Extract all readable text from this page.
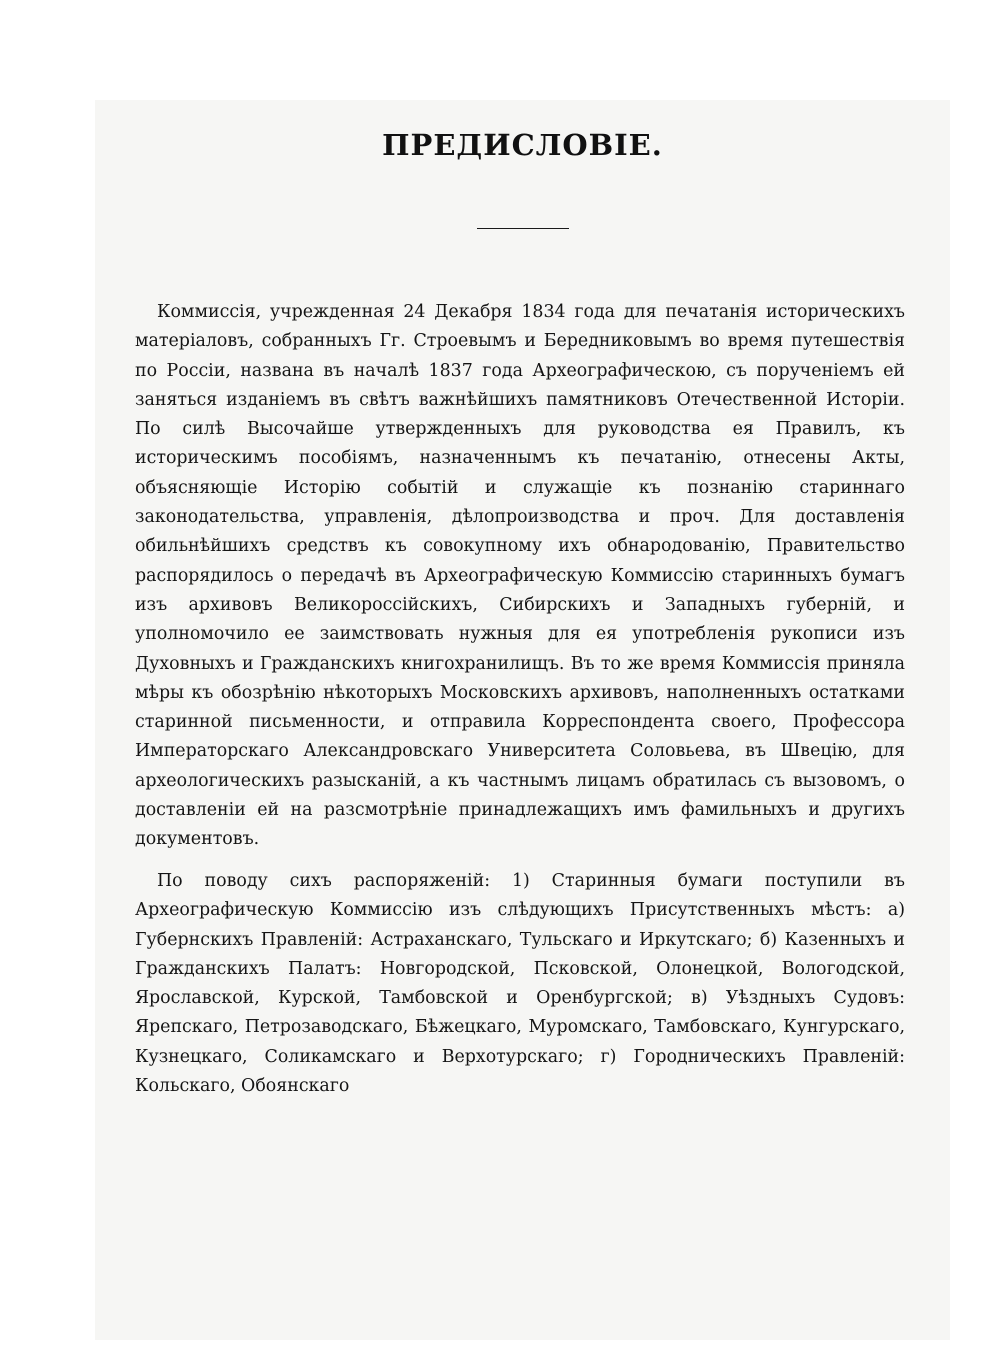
ПРЕДИСЛОВІЕ.

Коммиссія, учрежденная 24 Декабря 1834 года для печатанія историческихъ матеріаловъ, собранныхъ Гг. Строевымъ и Бередниковымъ во время путешествія по Россіи, названа въ началѣ 1837 года Археографическою, съ порученіемъ ей заняться изданіемъ въ свѣтъ важнѣйшихъ памятниковъ Отечественной Исторіи. По силѣ Высочайше утвержденныхъ для руководства ея Правилъ, къ историческимъ пособіямъ, назначеннымъ къ печатанію, отнесены Акты, объясняющіе Исторію событій и служащіе къ познанію стариннаго законодательства, управленія, дѣлопроизводства и проч. Для доставленія обильнѣйшихъ средствъ къ совокупному ихъ обнародованію, Правительство распорядилось о передачѣ въ Археографическую Коммиссію старинныхъ бумагъ изъ архивовъ Великороссійскихъ, Сибирскихъ и Западныхъ губерній, и уполномочило ее заимствовать нужныя для ея употребленія рукописи изъ Духовныхъ и Гражданскихъ книгохранилищъ. Въ то же время Коммиссія приняла мѣры къ обозрѣнію нѣкоторыхъ Московскихъ архивовъ, наполненныхъ остатками старинной письменности, и отправила Корреспондента своего, Профессора Императорскаго Александровскаго Университета Соловьева, въ Швецію, для археологическихъ разысканій, а къ частнымъ лицамъ обратилась съ вызовомъ, о доставленіи ей на разсмотрѣніе принадлежащихъ имъ фамильныхъ и другихъ документовъ.

По поводу сихъ распоряженій: 1) Старинныя бумаги поступили въ Археографическую Коммиссію изъ слѣдующихъ Присутственныхъ мѣстъ: а) Губернскихъ Правленій: Астраханскаго, Тульскаго и Иркутскаго; б) Казенныхъ и Гражданскихъ Палатъ: Новгородской, Псковской, Олонецкой, Вологодской, Ярославской, Курской, Тамбовской и Оренбургской; в) Уѣздныхъ Судовъ: Ярепскаго, Петрозаводскаго, Бѣжецкаго, Муромскаго, Тамбовскаго, Кунгурскаго, Кузнецкаго, Соликамскаго и Верхотурскаго; г) Городническихъ Правленій: Кольскаго, Обоянскаго
